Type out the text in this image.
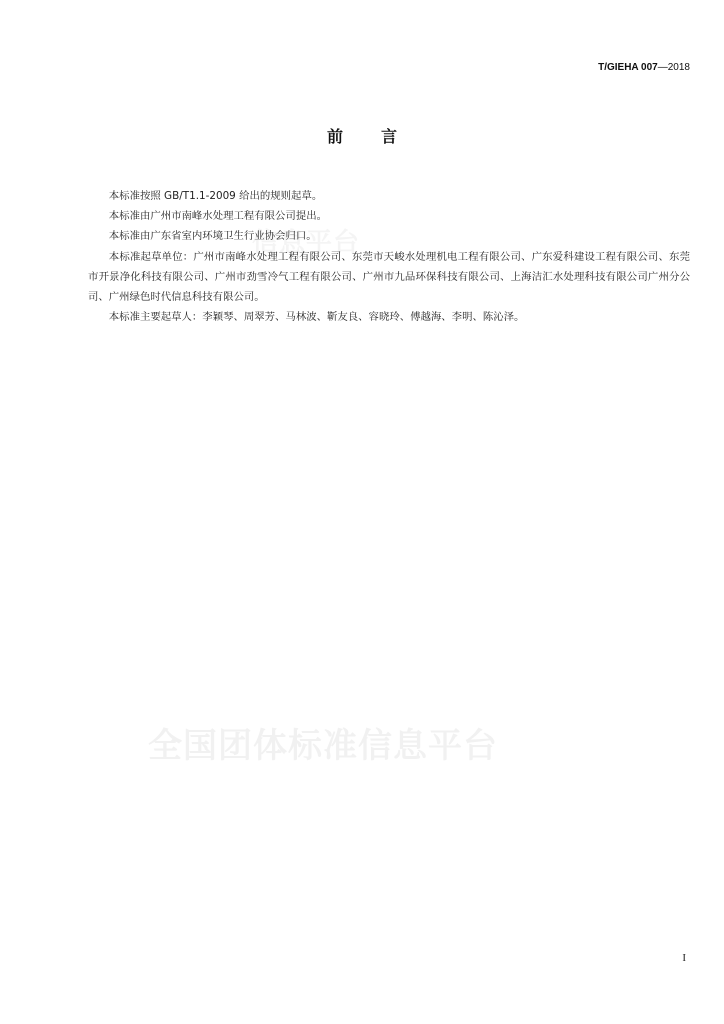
T/GIEHA 007—2018
前言
全国团体标准信息平台

本标准按照 GB/T1.1-2009 给出的规则起草。

本标准由广州市南峰水处理工程有限公司提出。

本标准由广东省室内环境卫生行业协会归口。

本标准起草单位：广州市南峰水处理工程有限公司、东莞市天峻水处理机电工程有限公司、广东爱科建设工程有限公司、东莞市开景净化科技有限公司、广州市劲雪冷气工程有限公司、广州市九品环保科技有限公司、上海洁汇水处理科技有限公司广州分公司、广州绿色时代信息科技有限公司。

本标准主要起草人：李颖琴、周翠芳、马林波、靳友良、容晓玲、傅越海、李明、陈沁泽。

I
